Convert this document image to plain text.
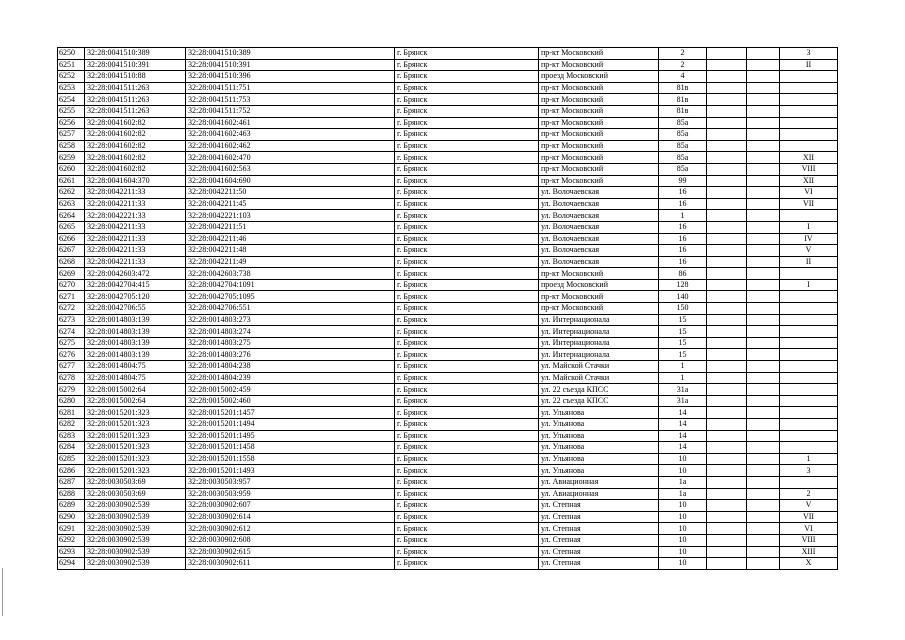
6250	32:28:0041510:389	32:28:0041510:389	г. Брянск	пр-кт Московский	2			3
6251	32:28:0041510:391	32:28:0041510:391	г. Брянск	пр-кт Московский	2			II
6252	32:28:0041510:88	32:28:0041510:396	г. Брянск	проезд Московский	4			
6253	32:28:0041511:263	32:28:0041511:751	г. Брянск	пр-кт Московский	81в			
6254	32:28:0041511:263	32:28:0041511:753	г. Брянск	пр-кт Московский	81в			
6255	32:28:0041511:263	32:28:0041511:752	г. Брянск	пр-кт Московский	81в			
6256	32:28:0041602:82	32:28:0041602:461	г. Брянск	пр-кт Московский	85а			
6257	32:28:0041602:82	32:28:0041602:463	г. Брянск	пр-кт Московский	85а			
6258	32:28:0041602:82	32:28:0041602:462	г. Брянск	пр-кт Московский	85а			
6259	32:28:0041602:82	32:28:0041602:470	г. Брянск	пр-кт Московский	85а			XII
6260	32:28:0041602:82	32:28:0041602:563	г. Брянск	пр-кт Московский	85а			VIII
6261	32:28:0041604:370	32:28:0041604:690	г. Брянск	пр-кт Московский	99			XII
6262	32:28:0042211:33	32:28:0042211:50	г. Брянск	ул. Волочаевская	16			VI
6263	32:28:0042211:33	32:28:0042211:45	г. Брянск	ул. Волочаевская	16			VII
6264	32:28:0042221:33	32:28:0042221:103	г. Брянск	ул. Волочаевская	1			
6265	32:28:0042211:33	32:28:0042211:51	г. Брянск	ул. Волочаевская	16			I
6266	32:28:0042211:33	32:28:0042211:46	г. Брянск	ул. Волочаевская	16			IV
6267	32:28:0042211:33	32:28:0042211:48	г. Брянск	ул. Волочаевская	16			V
6268	32:28:0042211:33	32:28:0042211:49	г. Брянск	ул. Волочаевская	16			II
6269	32:28:0042603:472	32:28:0042603:738	г. Брянск	пр-кт Московский	86			
6270	32:28:0042704:415	32:28:0042704:1091	г. Брянск	проезд Московский	128			I
6271	32:28:0042705:120	32:28:0042705:1095	г. Брянск	пр-кт Московский	140			
6272	32:28:0042706:55	32:28:0042706:551	г. Брянск	пр-кт Московский	150			
6273	32:28:0014803:139	32:28:0014803:273	г. Брянск	ул. Интернационала	15			
6274	32:28:0014803:139	32:28:0014803:274	г. Брянск	ул. Интернационала	15			
6275	32:28:0014803:139	32:28:0014803:275	г. Брянск	ул. Интернационала	15			
6276	32:28:0014803:139	32:28:0014803:276	г. Брянск	ул. Интернационала	15			
6277	32:28:0014804:75	32:28:0014804:238	г. Брянск	ул. Майской Стачки	1			
6278	32:28:0014804:75	32:28:0014804:239	г. Брянск	ул. Майской Стачки	1			
6279	32:28:0015002:64	32:28:0015002:459	г. Брянск	ул. 22 съезда КПСС	31а			
6280	32:28:0015002:64	32:28:0015002:460	г. Брянск	ул. 22 съезда КПСС	31а			
6281	32:28:0015201:323	32:28:0015201:1457	г. Брянск	ул. Ульянова	14			
6282	32:28:0015201:323	32:28:0015201:1494	г. Брянск	ул. Ульянова	14			
6283	32:28:0015201:323	32:28:0015201:1495	г. Брянск	ул. Ульянова	14			
6284	32:28:0015201:323	32:28:0015201:1458	г. Брянск	ул. Ульянова	14			
6285	32:28:0015201:323	32:28:0015201:1558	г. Брянск	ул. Ульянова	10			1
6286	32:28:0015201:323	32:28:0015201:1493	г. Брянск	ул. Ульянова	10			3
6287	32:28:0030503:69	32:28:0030503:957	г. Брянск	ул. Авиационная	1а			
6288	32:28:0030503:69	32:28:0030503:959	г. Брянск	ул. Авиационная	1а			2
6289	32:28:0030902:539	32:28:0030902:607	г. Брянск	ул. Степная	10			V
6290	32:28:0030902:539	32:28:0030902:614	г. Брянск	ул. Степная	10			VII
6291	32:28:0030902:539	32:28:0030902:612	г. Брянск	ул. Степная	10			VI
6292	32:28:0030902:539	32:28:0030902:608	г. Брянск	ул. Степная	10			VIII
6293	32:28:0030902:539	32:28:0030902:615	г. Брянск	ул. Степная	10			XIII
6294	32:28:0030902:539	32:28:0030902:611	г. Брянск	ул. Степная	10			X
